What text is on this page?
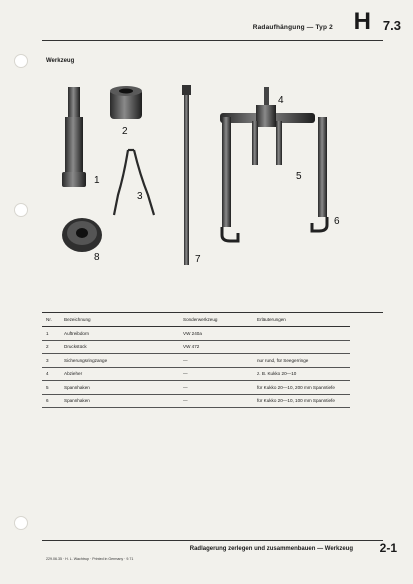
Radaufhängung — Typ 2 H 7.3
Werkzeug
1
2
3
4
5
6
7
8
Nr.	Bezeichnung	Sonderwerkzeug	Erläuterungen
1	Auftreibdorn	VW 240a	
2	Druckstück	VW 472	
3	Sicherungsringzange	—	nur rund, für Seegerringe
4	Abzieher	—	z. B. Kukko 20—10
5	Spannhaken	—	für Kukko 20—10, 200 mm Spanntiefe
6	Spannhaken	—	für Kukko 20—10, 100 mm Spanntiefe
Radlagerung zerlegen und zusammenbauen — Werkzeug 2-1
229.06.35 · H. L. Wachtrup · Printed in Germany · 9.71
